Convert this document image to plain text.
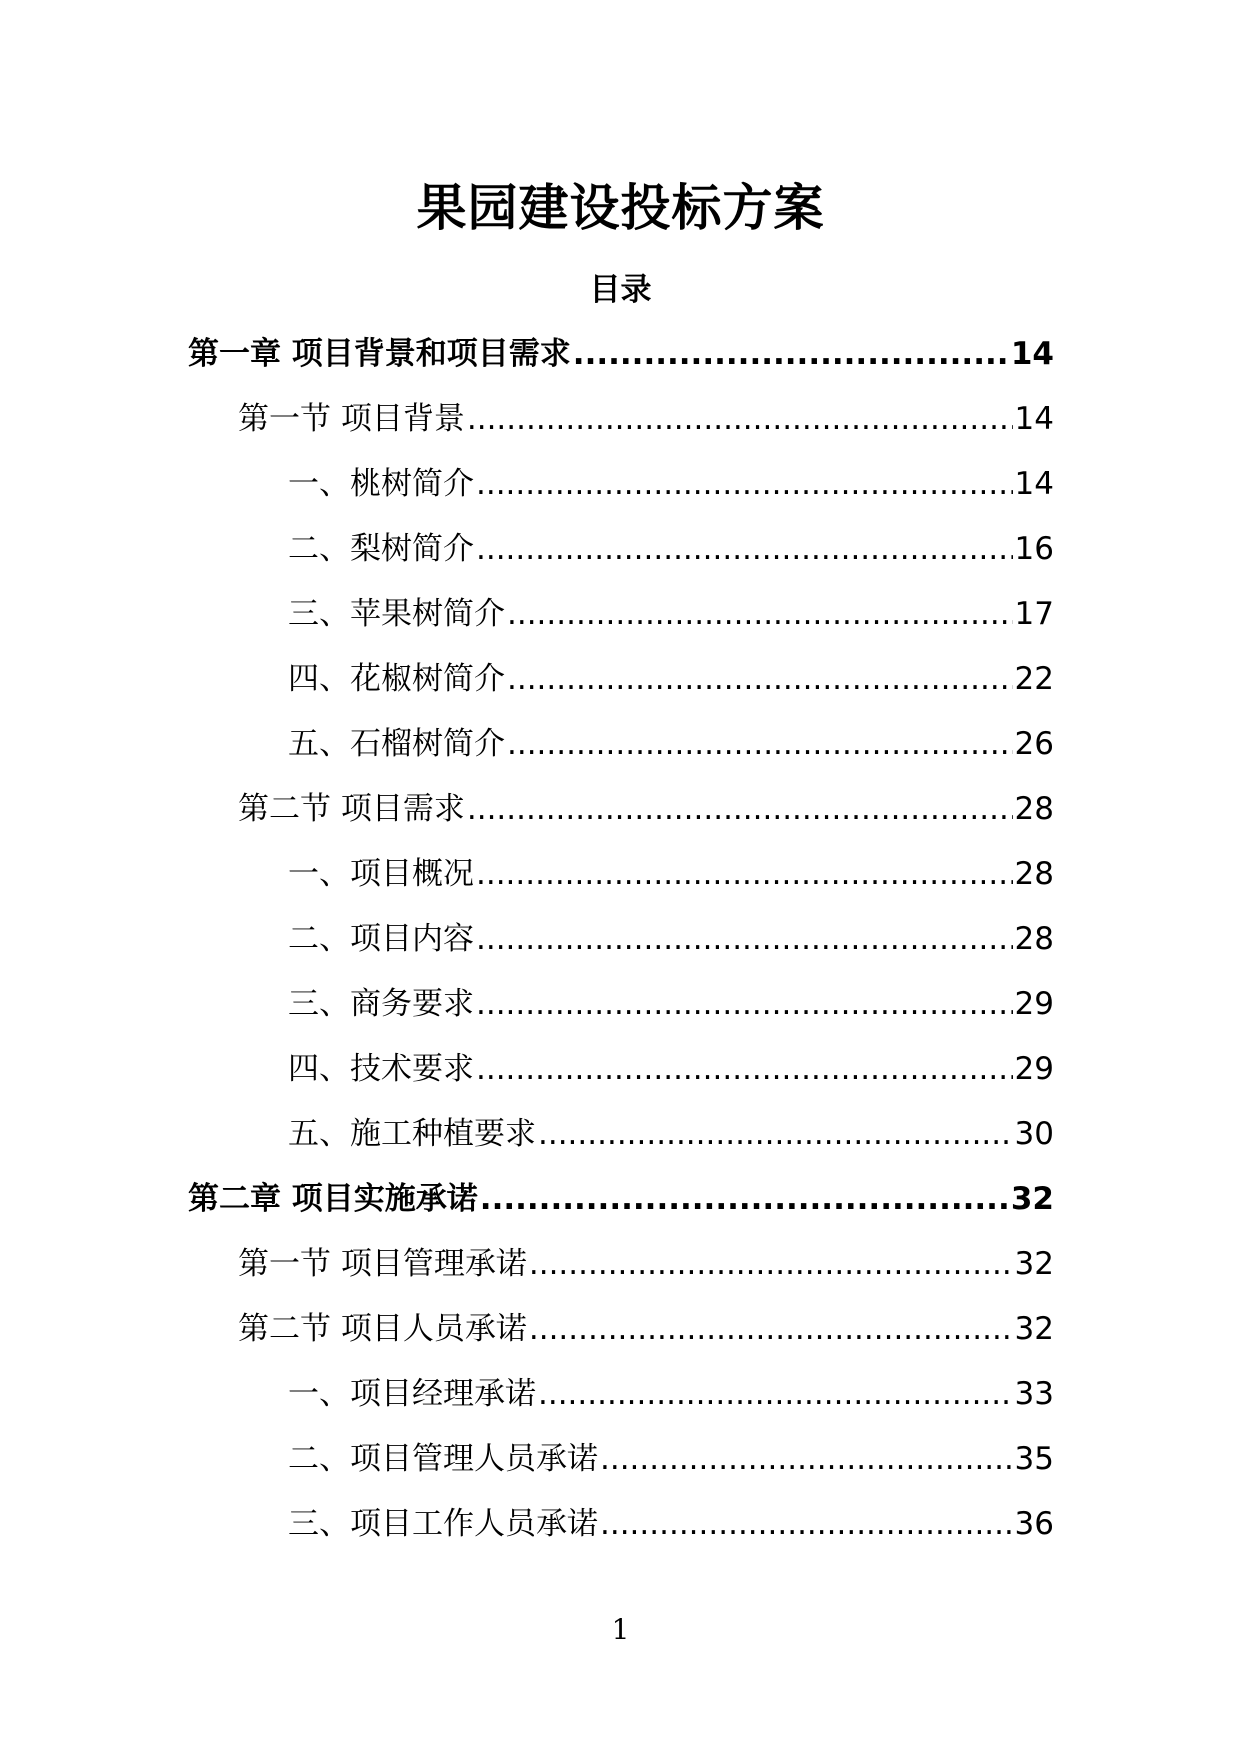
果园建设投标方案
目录
第一章 项目背景和项目需求 .....	14
第一节 项目背景 .....	14
一、桃树简介 .....	14
二、梨树简介 .....	16
三、苹果树简介 .....	17
四、花椒树简介 .....	22
五、石榴树简介 .....	26
第二节 项目需求 .....	28
一、项目概况 .....	28
二、项目内容 .....	28
三、商务要求 .....	29
四、技术要求 .....	29
五、施工种植要求 .....	30
第二章 项目实施承诺 .....	32
第一节 项目管理承诺 .....	32
第二节 项目人员承诺 .....	32
一、项目经理承诺 .....	33
二、项目管理人员承诺 .....	35
三、项目工作人员承诺 .....	36
1
